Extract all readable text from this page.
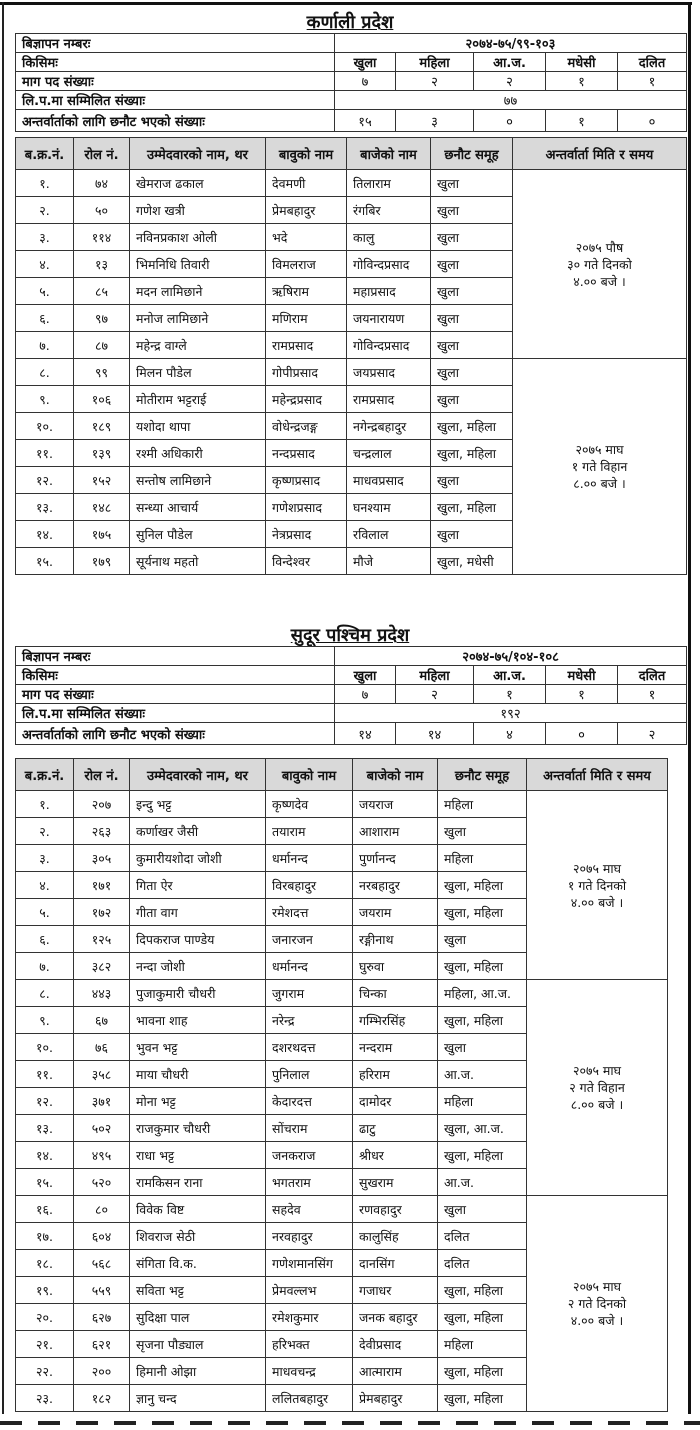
कर्णाली प्रदेश
बिज्ञापन नम्बरः	२०७४-७५/९९-१०३				
किसिमः	खुला	महिला	आ.ज.	मधेसी	दलित
माग पद संख्याः	७	२	२	१	१
लि.प.मा सम्मिलित संख्याः	७७				
अन्तर्वार्ताको लागि छनौट भएको संख्याः	१५	३	०	१	०
ब.क्र.नं.	रोल नं.	उम्मेदवारको नाम, थर	बावुको नाम	बाजेको नाम	छनौट समूह	अन्तर्वार्ता मिति र समय
१.	७४	खेमराज ढकाल	देवमणी	तिलाराम	खुला	२०७५ पौष
३० गते दिनको
४.०० बजे ।
२.	५०	गणेश खत्री	प्रेमबहादुर	रंगबिर	खुला	
३.	११४	नविनप्रकाश ओली	भदे	कालु	खुला	
४.	१३	भिमनिधि तिवारी	विमलराज	गोविन्दप्रसाद	खुला	
५.	८५	मदन लामिछाने	ऋषिराम	महाप्रसाद	खुला	
६.	९७	मनोज लामिछाने	मणिराम	जयनारायण	खुला	
७.	८७	महेन्द्र वाग्ले	रामप्रसाद	गोविन्दप्रसाद	खुला	
८.	९९	मिलन पौडेल	गोपीप्रसाद	जयप्रसाद	खुला	२०७५ माघ
१ गते विहान
८.०० बजे ।
९.	१०६	मोतीराम भट्टराई	महेन्द्रप्रसाद	रामप्रसाद	खुला	
१०.	१८९	यशोदा थापा	वोधेन्द्रजङ्ग	नगेन्द्रबहादुर	खुला, महिला	
११.	१३९	रश्मी अधिकारी	नन्दप्रसाद	चन्द्रलाल	खुला, महिला	
१२.	१५२	सन्तोष लामिछाने	कृष्णप्रसाद	माधवप्रसाद	खुला	
१३.	१४८	सन्ध्या आचार्य	गणेशप्रसाद	घनश्याम	खुला, महिला	
१४.	१७५	सुनिल पौडेल	नेत्रप्रसाद	रविलाल	खुला	
१५.	१७९	सूर्यनाथ महतो	विन्देश्वर	मौजे	खुला, मधेसी	
सुदूर पश्चिम प्रदेश
बिज्ञापन नम्बरः	२०७४-७५/१०४-१०८				
किसिमः	खुला	महिला	आ.ज.	मधेसी	दलित
माग पद संख्याः	७	२	१	१	१
लि.प.मा सम्मिलित संख्याः	१९२				
अन्तर्वार्ताको लागि छनौट भएको संख्याः	१४	१४	४	०	२
ब.क्र.नं.	रोल नं.	उम्मेदवारको नाम, थर	बावुको नाम	बाजेको नाम	छनौट समूह	अन्तर्वार्ता मिति र समय
१.	२०७	इन्दु भट्ट	कृष्णदेव	जयराज	महिला	२०७५ माघ
१ गते दिनको
४.०० बजे ।
२.	२६३	कर्णाखर जैसी	तयाराम	आशाराम	खुला	
३.	३०५	कुमारीयशोदा जोशी	धर्मानन्द	पुर्णानन्द	महिला	
४.	१७१	गिता ऐर	विरबहादुर	नरबहादुर	खुला, महिला	
५.	१७२	गीता वाग	रमेशदत्त	जयराम	खुला, महिला	
६.	१२५	दिपकराज पाण्डेय	जनारजन	रङ्गीनाथ	खुला	
७.	३८२	नन्दा जोशी	धर्मानन्द	घुरुवा	खुला, महिला	
८.	४४३	पुजाकुमारी चौधरी	जुगराम	चिन्का	महिला, आ.ज.	२०७५ माघ
२ गते विहान
८.०० बजे ।
९.	६७	भावना शाह	नरेन्द्र	गम्भिरसिंह	खुला, महिला	
१०.	७६	भुवन भट्ट	दशरथदत्त	नन्दराम	खुला	
११.	३५८	माया चौधरी	पुनिलाल	हरिराम	आ.ज.	
१२.	३७१	मोना भट्ट	केदारदत्त	दामोदर	महिला	
१३.	५०२	राजकुमार चौधरी	सोंचराम	ढाटु	खुला, आ.ज.	
१४.	४९५	राधा भट्ट	जनकराज	श्रीधर	खुला, महिला	
१५.	५२०	रामकिसन राना	भगतराम	सुखराम	आ.ज.	
१६.	८०	विवेक विष्ट	सहदेव	रणवहादुर	खुला	२०७५ माघ
२ गते दिनको
४.०० बजे ।
१७.	६०४	शिवराज सेठी	नरवहादुर	कालुसिंह	दलित	
१८.	५६८	संगिता वि.क.	गणेशमानसिंग	दानसिंग	दलित	
१९.	५५९	सविता भट्ट	प्रेमवल्लभ	गजाधर	खुला, महिला	
२०.	६२७	सुदिक्षा पाल	रमेशकुमार	जनक बहादुर	खुला, महिला	
२१.	६२१	सृजना पौड्याल	हरिभक्त	देवीप्रसाद	महिला	
२२.	२००	हिमानी ओझा	माधवचन्द्र	आत्माराम	खुला, महिला	
२३.	१८२	ज्ञानु चन्द	ललितबहादुर	प्रेमबहादुर	खुला, महिला	
